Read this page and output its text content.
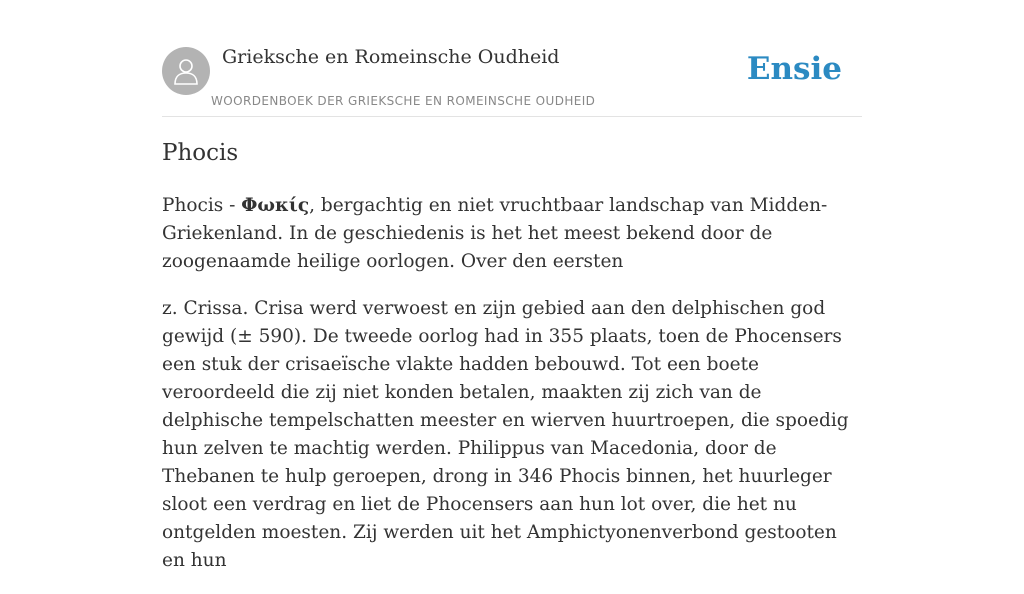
Grieksche en Romeinsche Oudheid
WOORDENBOEK DER GRIEKSCHE EN ROMEINSCHE OUDHEID
Ensie
Phocis

Phocis - Φωκίς, bergachtig en niet vruchtbaar landschap van Midden-Griekenland. In de geschiedenis is het het meest bekend door de zoogenaamde heilige oorlogen. Over den eersten

z. Crissa. Crisa werd verwoest en zijn gebied aan den delphischen god gewijd (± 590). De tweede oorlog had in 355 plaats, toen de Phocensers een stuk der crisaeïsche vlakte hadden bebouwd. Tot een boete veroordeeld die zij niet konden betalen, maakten zij zich van de delphische tempelschatten meester en wierven huurtroepen, die spoedig hun zelven te machtig werden. Philippus van Macedonia, door de Thebanen te hulp geroepen, drong in 346 Phocis binnen, het huurleger sloot een verdrag en liet de Phocensers aan hun lot over, die het nu ontgelden moesten. Zij werden uit het Amphictyonenverbond gestooten en hun
